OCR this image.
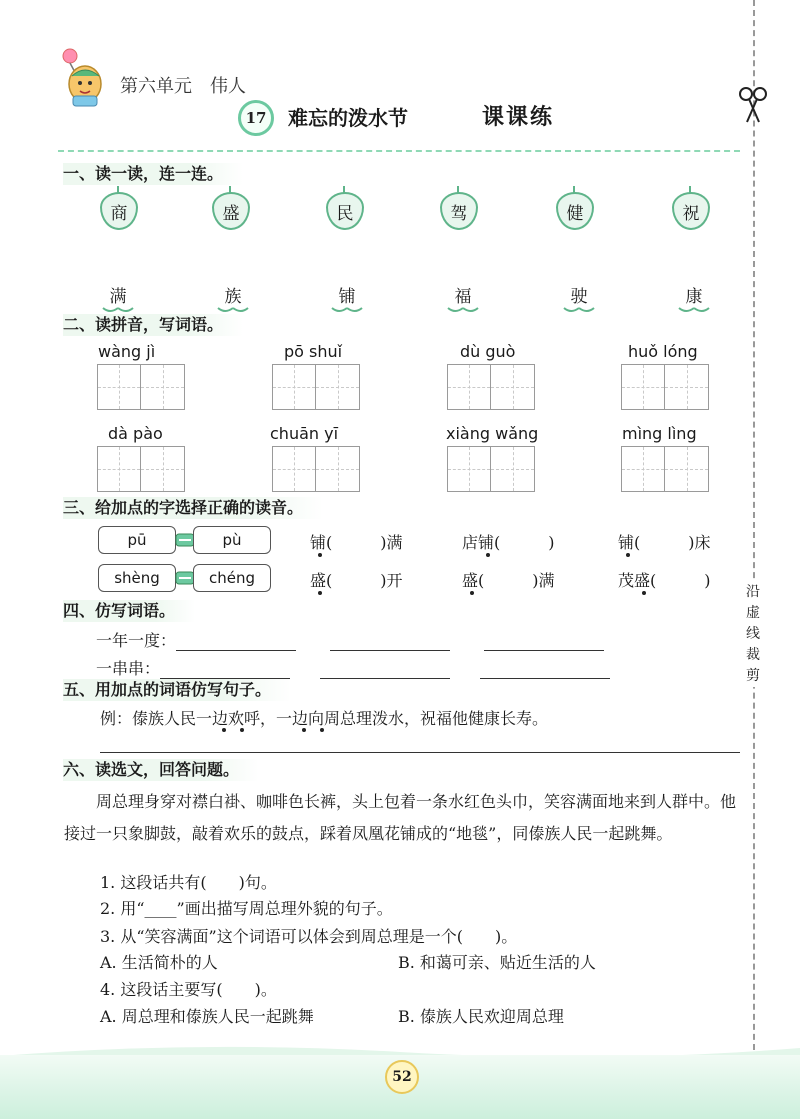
第六单元　伟人
17	难忘的泼水节	课课练
沿虚线裁剪
一、读一读，连一连。
商	盛	民	驾	健	祝
满	族	铺	福	驶	康
二、读拼音，写词语。
wàng jì	pō shuǐ	dù guò	huǒ lóng
dà pào	chuān yī	xiàng wǎng	mìng lìng
三、给加点的字选择正确的读音。
pū	pù
shèng	chéng
铺(　　　)满	店铺(　　　)	铺(　　　)床
盛(　　　)开	盛(　　　)满	茂盛(　　　)
四、仿写词语。
一年一度：
一串串：
五、用加点的词语仿写句子。
例：傣族人民一边欢呼，一边向周总理泼水，祝福他健康长寿。
六、读选文，回答问题。
　　周总理身穿对襟白褂、咖啡色长裤，头上包着一条水红色头巾，笑容满面地来到人群中。他接过一只象脚鼓，敲着欢乐的鼓点，踩着凤凰花铺成的“地毯”，同傣族人民一起跳舞。
1. 这段话共有(　　)句。
2. 用“____”画出描写周总理外貌的句子。
3. 从“笑容满面”这个词语可以体会到周总理是一个(　　)。
A. 生活简朴的人	B. 和蔼可亲、贴近生活的人
4. 这段话主要写(　　)。
A. 周总理和傣族人民一起跳舞	B. 傣族人民欢迎周总理
52
